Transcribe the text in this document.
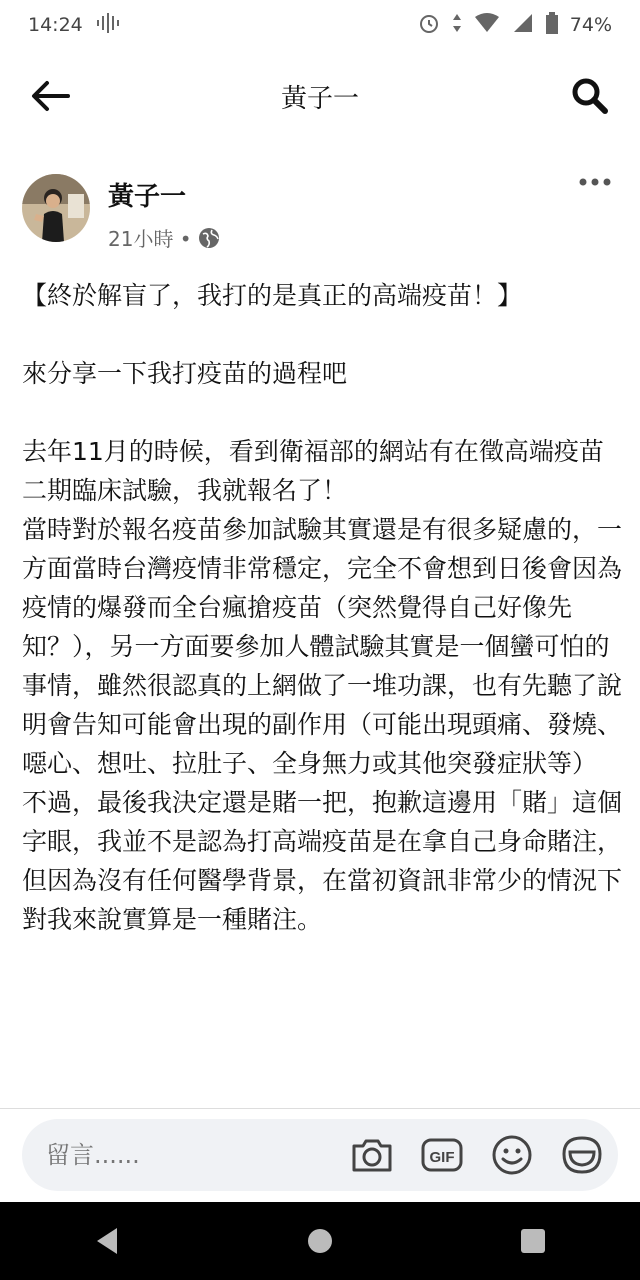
14:24	74%
黃子一
黃子一
21小時 •

【終於解盲了，我打的是真正的高端疫苗！】

來分享一下我打疫苗的過程吧

去年11月的時候，看到衛福部的網站有在徵高端疫苗二期臨床試驗，我就報名了！

當時對於報名疫苗參加試驗其實還是有很多疑慮的，一方面當時台灣疫情非常穩定，完全不會想到日後會因為疫情的爆發而全台瘋搶疫苗（突然覺得自己好像先知？），另一方面要參加人體試驗其實是一個蠻可怕的事情，雖然很認真的上網做了一堆功課，也有先聽了說明會告知可能會出現的副作用（可能出現頭痛、發燒、噁心、想吐、拉肚子、全身無力或其他突發症狀等）

不過，最後我決定還是賭一把，抱歉這邊用「賭」這個字眼，我並不是認為打高端疫苗是在拿自己身命賭注，但因為沒有任何醫學背景，在當初資訊非常少的情況下對我來說實算是一種賭注。

留言......
GIF
